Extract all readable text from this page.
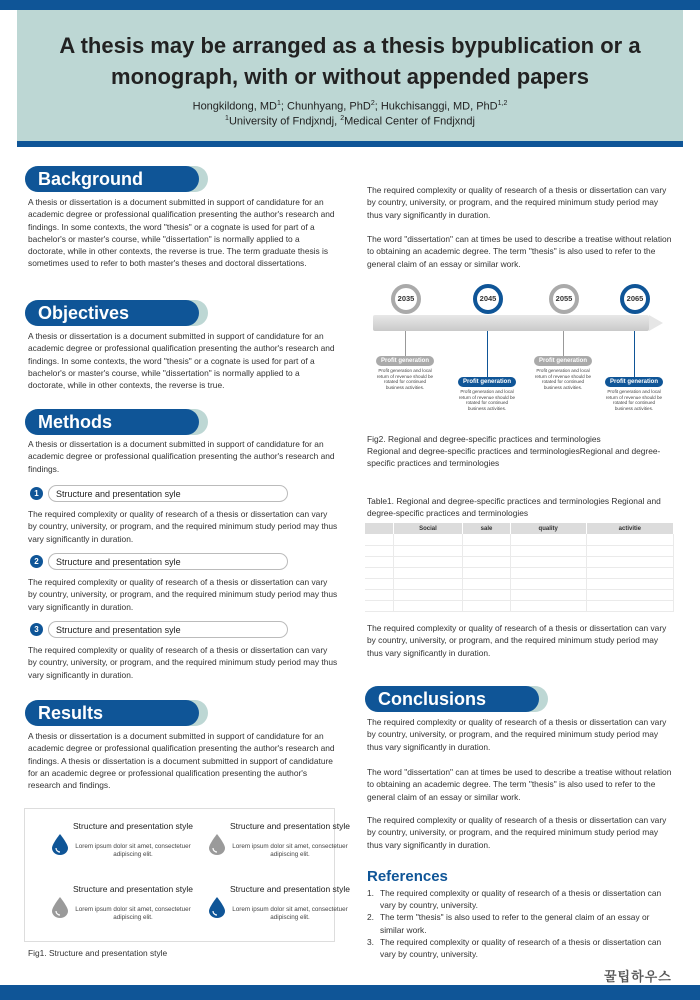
A thesis may be arranged as a thesis bypublication or a
monograph, with or without appended papers
Hongkildong, $MD^1$; Chunhyang, PhD$^2$; Hukchisanggi, MD, PhD$^{1,2}$
$^1$University of Fndjxndj, $^2$Medical Center of Fndjxndj
Background
A thesis or dissertation is a document submitted in support of candidature for an academic degree or professional qualification presenting the author's research and findings. In some contexts, the word "thesis" or a cognate is used for part of a bachelor's or master's course, while "dissertation" is normally applied to a doctorate, while in other contexts, the reverse is true. The term graduate thesis is sometimes used to refer to both master's theses and doctoral dissertations.
Objectives
A thesis or dissertation is a document submitted in support of candidature for an academic degree or professional qualification presenting the author's research and findings. In some contexts, the word "thesis" or a cognate is used for part of a bachelor's or master's course, while "dissertation" is normally applied to a doctorate, while in other contexts, the reverse is true.
Methods
A thesis or dissertation is a document submitted in support of candidature for an academic degree or professional qualification presenting the author's research and findings.
1	Structure and presentation syle
The required complexity or quality of research of a thesis or dissertation can vary by country, university, or program, and the required minimum study period may thus vary significantly in duration.
2	Structure and presentation syle
The required complexity or quality of research of a thesis or dissertation can vary by country, university, or program, and the required minimum study period may thus vary significantly in duration.
3	Structure and presentation syle
The required complexity or quality of research of a thesis or dissertation can vary by country, university, or program, and the required minimum study period may thus vary significantly in duration.
Results
A thesis or dissertation is a document submitted in support of candidature for an academic degree or professional qualification presenting the author's research and findings. A thesis or dissertation is a document submitted in support of candidature for an academic degree or professional qualification presenting the author's research and findings.
Structure and presentation style
Lorem ipsum dolor sit amet, consectetuer adipiscing elit.
Structure and presentation style
Lorem ipsum dolor sit amet, consectetuer adipiscing elit.
Structure and presentation style
Lorem ipsum dolor sit amet, consectetuer adipiscing elit.
Structure and presentation style
Lorem ipsum dolor sit amet, consectetuer adipiscing elit.
Fig1. Structure and presentation style
The required complexity or quality of research of a thesis or dissertation can vary by country, university, or program, and the required minimum study period may thus vary significantly in duration.
The word "dissertation" can at times be used to describe a treatise without relation to obtaining an academic degree. The term "thesis" is also used to refer to the general claim of an essay or similar work.
2035
Profit generation
Profit generation and local return of revenue should be rotated for continued business activities.
2045
Profit generation
Profit generation and local return of revenue should be rotated for continued business activities.
2055
Profit generation
Profit generation and local return of revenue should be rotated for continued business activities.
2065
Profit generation
Profit generation and local return of revenue should be rotated for continued business activities.
Fig2. Regional and degree-specific practices and terminologies
Regional and degree-specific practices and terminologiesRegional and degree-specific practices and terminologies
Table1. Regional and degree-specific practices and terminologies Regional and degree-specific practices and terminologies
	Social	sale	quality	activitie

The required complexity or quality of research of a thesis or dissertation can vary by country, university, or program, and the required minimum study period may thus vary significantly in duration.
Conclusions
The required complexity or quality of research of a thesis or dissertation can vary by country, university, or program, and the required minimum study period may thus vary significantly in duration.
The word "dissertation" can at times be used to describe a treatise without relation to obtaining an academic degree. The term "thesis" is also used to refer to the general claim of an essay or similar work.
The required complexity or quality of research of a thesis or dissertation can vary by country, university, or program, and the required minimum study period may thus vary significantly in duration.
References
1. The required complexity or quality of research of a thesis or dissertation can vary by country, university.
2. The term "thesis" is also used to refer to the general claim of an essay or similar work.
3. The required complexity or quality of research of a thesis or dissertation can vary by country, university.
꿀팁하우스
